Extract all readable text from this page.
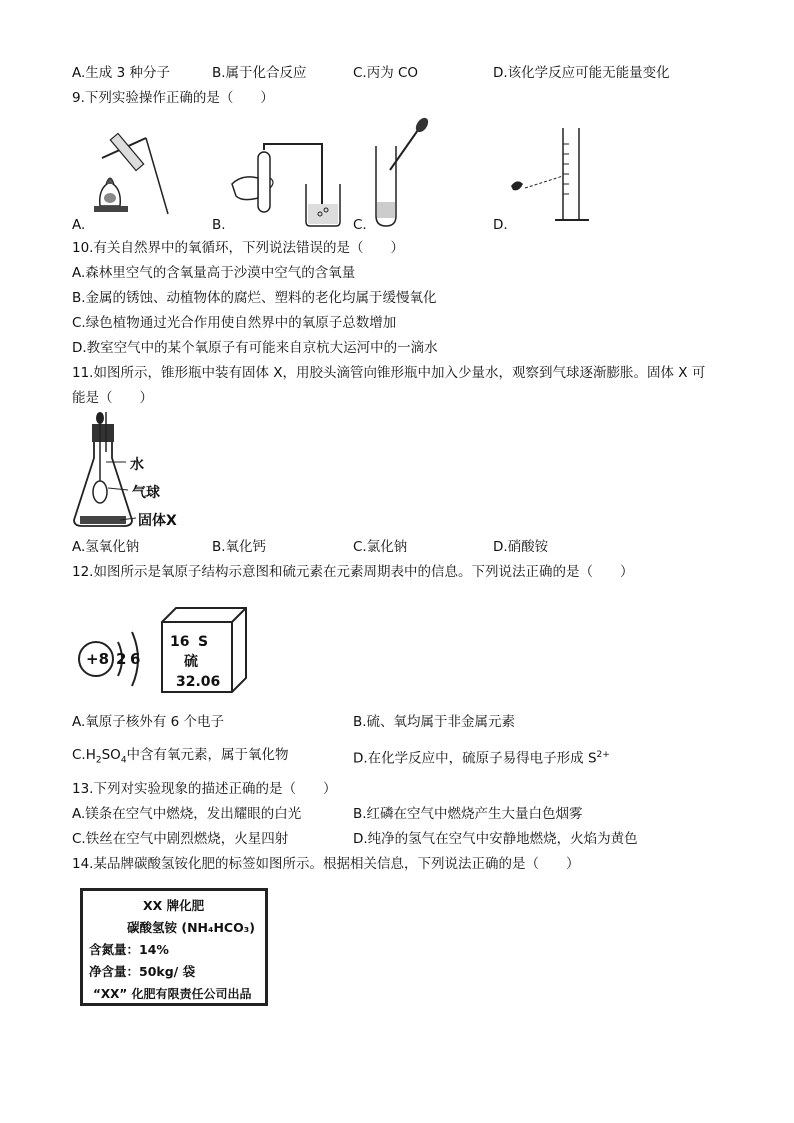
A.生成 3 种分子	B.属于化合反应	C.丙为 CO	D.该化学反应可能无能量变化
9.下列实验操作正确的是（　　）
A.	B.	C.	D.
10.有关自然界中的氧循环，下列说法错误的是（　　）
A.森林里空气的含氧量高于沙漠中空气的含氧量
B.金属的锈蚀、动植物体的腐烂、塑料的老化均属于缓慢氧化
C.绿色植物通过光合作用使自然界中的氧原子总数增加
D.教室空气中的某个氧原子有可能来自京杭大运河中的一滴水
11.如图所示，锥形瓶中装有固体 X，用胶头滴管向锥形瓶中加入少量水，观察到气球逐渐膨胀。固体 X 可
能是（　　）
水
气球
固体X
A.氢氧化钠	B.氧化钙	C.氯化钠	D.硝酸铵
12.如图所示是氧原子结构示意图和硫元素在元素周期表中的信息。下列说法正确的是（　　）
+8 2 6
16 S
硫
32.06
A.氧原子核外有 6 个电子	B.硫、氧均属于非金属元素
$C.H_2SO_4$中含有氧元素，属于氧化物	D.在化学反应中，硫原子易得电子形成 $S^{2+}$
13.下列对实验现象的描述正确的是（　　）
A.镁条在空气中燃烧，发出耀眼的白光	B.红磷在空气中燃烧产生大量白色烟雾
C.铁丝在空气中剧烈燃烧，火星四射	D.纯净的氢气在空气中安静地燃烧，火焰为黄色
14.某品牌碳酸氢铵化肥的标签如图所示。根据相关信息，下列说法正确的是（　　）
XX 牌化肥
碳酸氢铵 (NH₄HCO₃)
含氮量：14%
净含量：50kg/ 袋
“XX” 化肥有限责任公司出品
